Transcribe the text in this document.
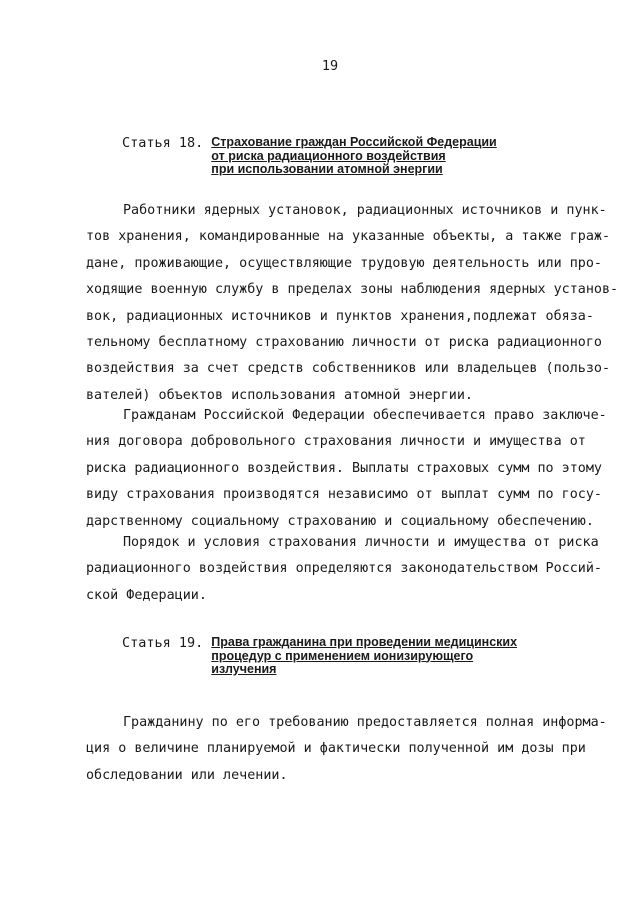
19
Статья 18. Страхование граждан Российской Федерации
от риска радиационного воздействия
при использовании атомной энергии
Работники ядерных установок, радиационных источников и пунк-
тов хранения, командированные на указанные объекты, а также граж-
дане, проживающие, осуществляющие трудовую деятельность или про-
ходящие военную службу в пределах зоны наблюдения ядерных установ-
вок, радиационных источников и пунктов хранения,подлежат обяза-
тельному бесплатному страхованию личности от риска радиационного
воздействия за счет средств собственников или владельцев (пользо-
вателей) объектов использования атомной энергии.
Гражданам Российской Федерации обеспечивается право заключе-
ния договора добровольного страхования личности и имущества от
риска радиационного воздействия. Выплаты страховых сумм по этому
виду страхования производятся независимо от выплат сумм по госу-
дарственному социальному страхованию и социальному обеспечению.
Порядок и условия страхования личности и имущества от риска
радиационного воздействия определяются законодательством Россий-
ской Федерации.
Статья 19. Права гражданина при проведении медицинских
процедур с применением ионизирующего
излучения
Гражданину по его требованию предоставляется полная информа-
ция о величине планируемой и фактически полученной им дозы при
обследовании или лечении.
